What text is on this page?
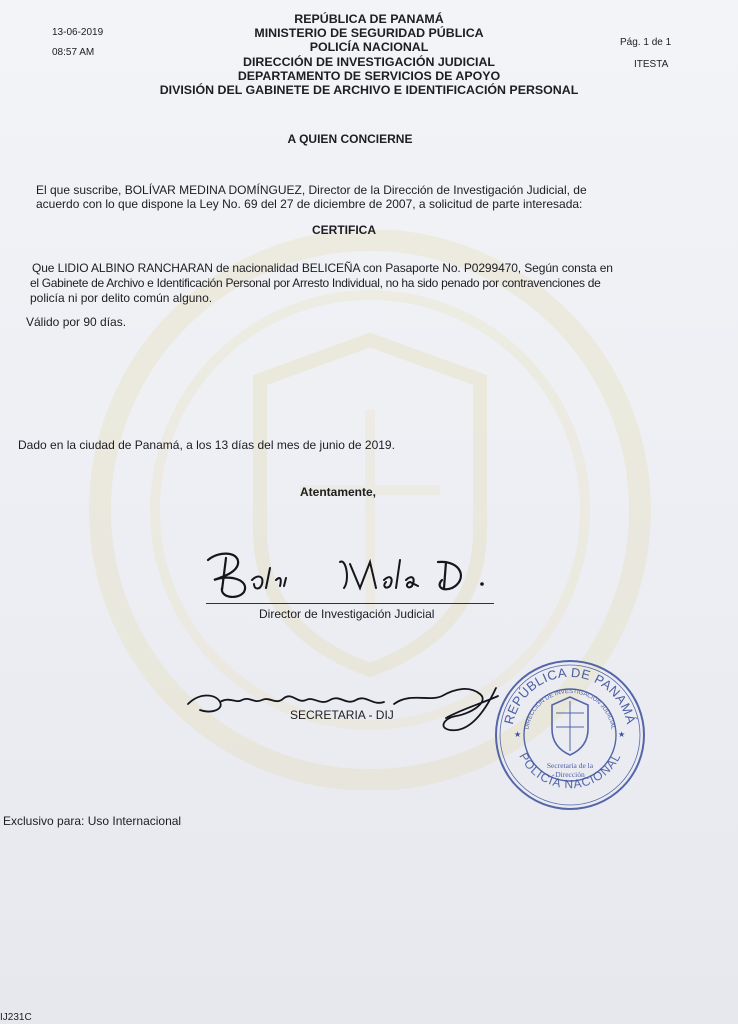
13-06-2019
08:57 AM
Pág. 1 de 1
ITESTA
REPÚBLICA DE PANAMÁ
MINISTERIO DE SEGURIDAD PÚBLICA
POLICÍA NACIONAL
DIRECCIÓN DE INVESTIGACIÓN JUDICIAL
DEPARTAMENTO DE SERVICIOS DE APOYO
DIVISIÓN DEL GABINETE DE ARCHIVO E IDENTIFICACIÓN PERSONAL
A QUIEN CONCIERNE
El que suscribe, BOLÍVAR MEDINA DOMÍNGUEZ, Director de la Dirección de Investigación Judicial, de
acuerdo con lo que dispone la Ley No. 69 del 27 de diciembre de 2007, a solicitud de parte interesada:
CERTIFICA
Que LIDIO ALBINO RANCHARAN de nacionalidad BELICEÑA con Pasaporte No. P0299470, Según consta en
el Gabinete de Archivo e Identificación Personal por Arresto Individual, no ha sido penado por contravenciones de
policía ni por delito común alguno.
Válido por 90 días.
Dado en la ciudad de Panamá, a los 13 días del mes de junio de 2019.
Atentamente,
Director de Investigación Judicial
SECRETARIA - DIJ	REPÚBLICA DE PANAMÁ
DIRECCIÓN DE INVESTIGACIÓN JUDICIAL
Secretaria de la
Dirección
POLICÍA NACIONAL
★	★
Exclusivo para: Uso Internacional
IJ231C
